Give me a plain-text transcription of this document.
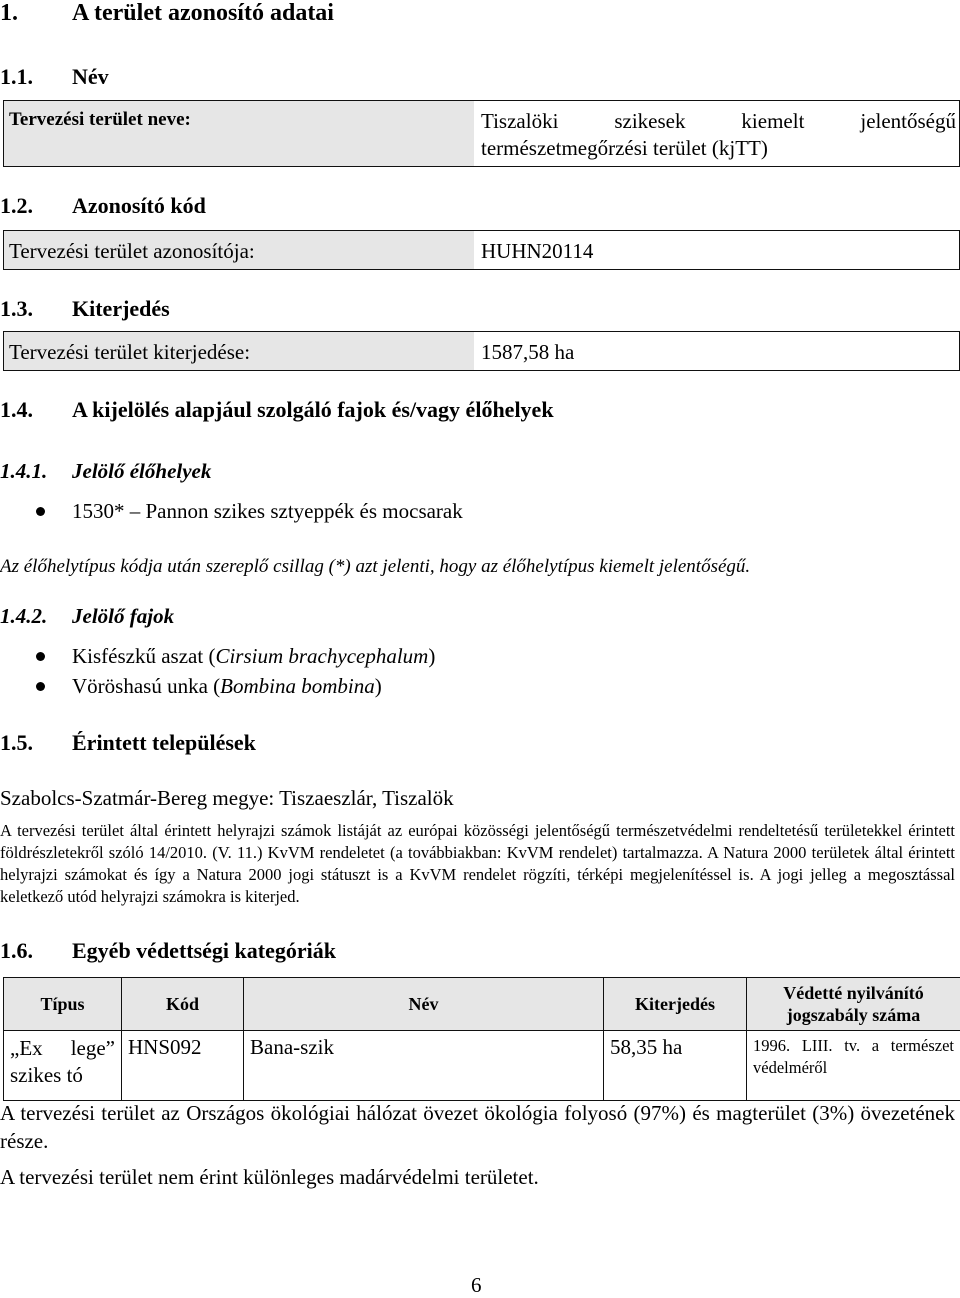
1. A terület azonosító adatai
1.1. Név
Tervezési terület neve:	Tiszalöki szikesek kiemelt jelentőségű
természetmegőrzési terület (kjTT)
1.2. Azonosító kód
Tervezési terület azonosítója:	HUHN20114
1.3. Kiterjedés
Tervezési terület kiterjedése:	1587,58 ha
1.4. A kijelölés alapjául szolgáló fajok és/vagy élőhelyek
1.4.1. Jelölő élőhelyek
1530* – Pannon szikes sztyeppék és mocsarak
Az élőhelytípus kódja után szereplő csillag (*) azt jelenti, hogy az élőhelytípus kiemelt jelentőségű.
1.4.2. Jelölő fajok
Kisfészkű aszat (Cirsium brachycephalum)
Vöröshasú unka (Bombina bombina)
1.5. Érintett települések
Szabolcs-Szatmár-Bereg megye: Tiszaeszlár, Tiszalök
A tervezési terület által érintett helyrajzi számok listáját az európai közösségi jelentőségű természetvédelmi rendeltetésű területekkel érintett földrészletekről szóló 14/2010. (V. 11.) KvVM rendeletet (a továbbiakban: KvVM rendelet) tartalmazza. A Natura 2000 területek által érintett helyrajzi számokat és így a Natura 2000 jogi státuszt is a KvVM rendelet rögzíti, térképi megjelenítéssel is. A jogi jelleg a megosztással keletkező utód helyrajzi számokra is kiterjed.
1.6. Egyéb védettségi kategóriák
Típus	Kód	Név	Kiterjedés	Védetté nyilvánító jogszabály száma
„Ex lege” szikes tó	HNS092	Bana-szik	58,35 ha	1996. LIII. tv. a természet védelméről
A tervezési terület az Országos ökológiai hálózat övezet ökológia folyosó (97%) és magterület (3%) övezetének része.
A tervezési terület nem érint különleges madárvédelmi területet.
6
